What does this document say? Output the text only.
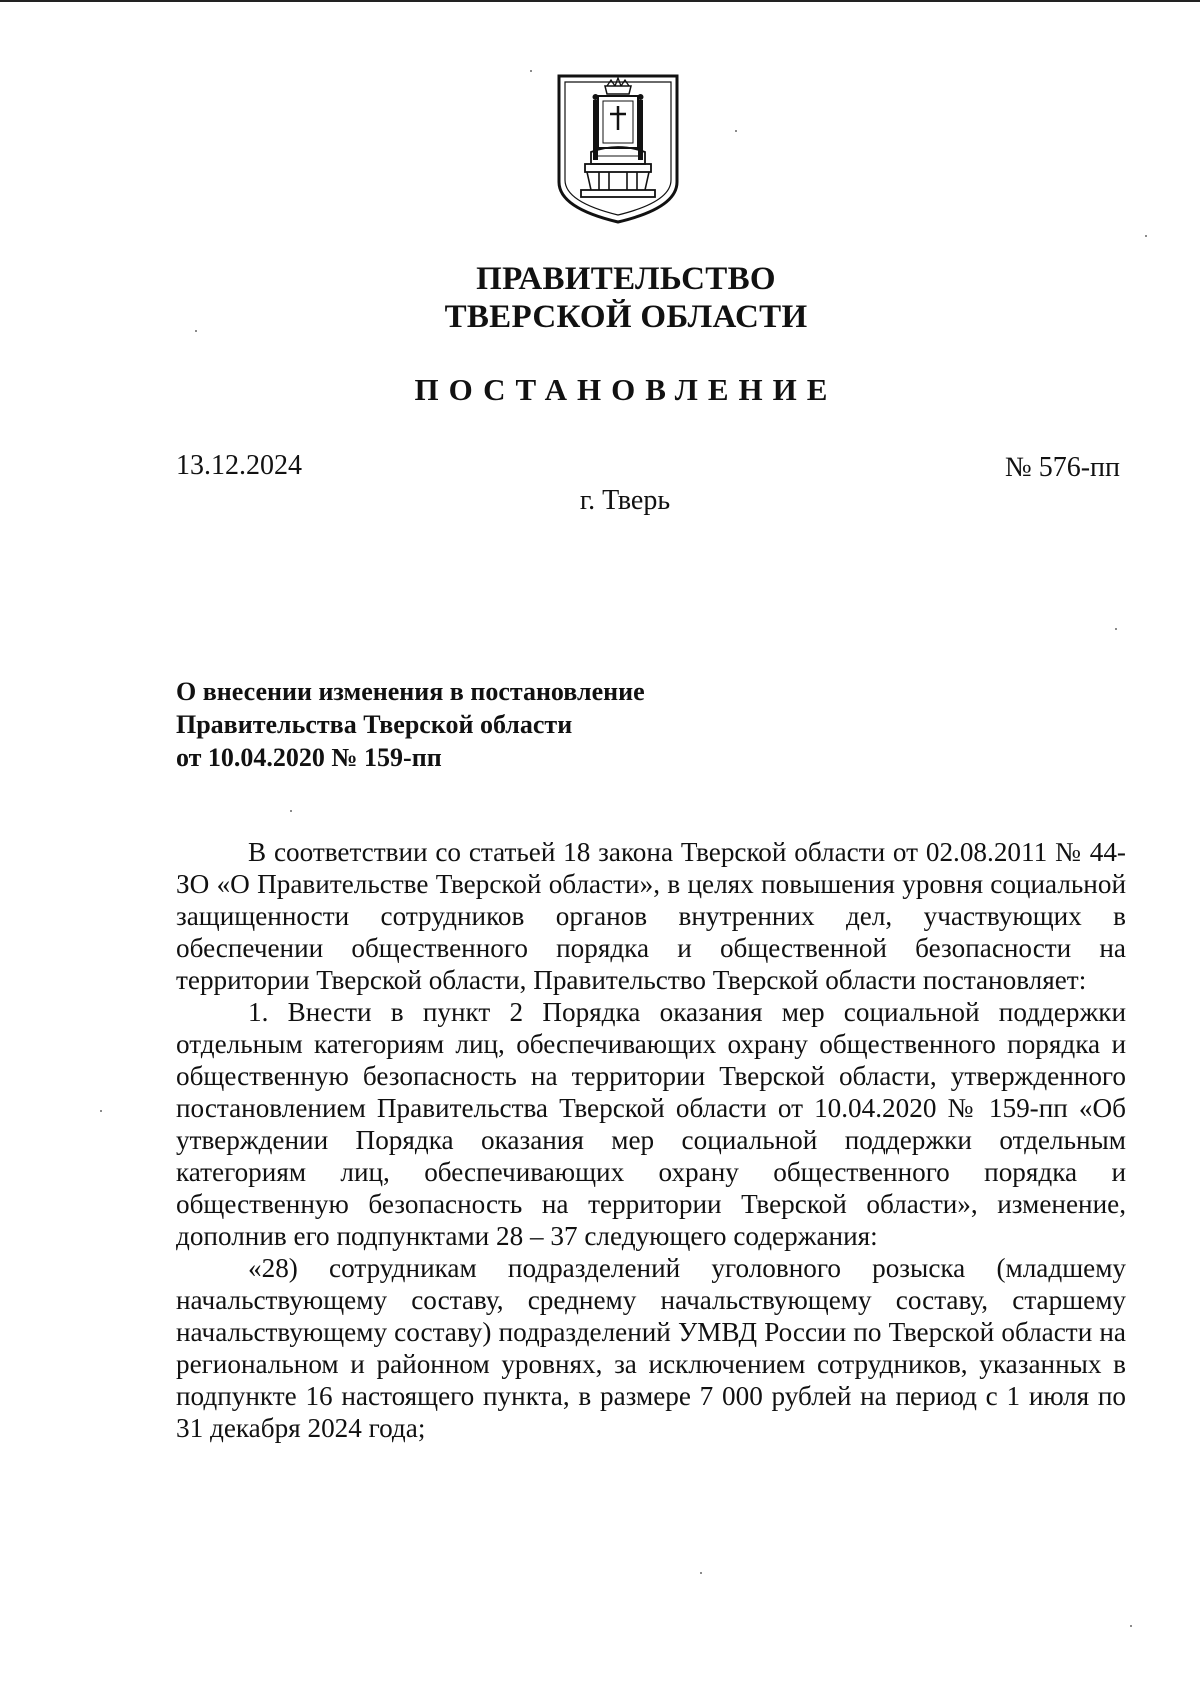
ПРАВИТЕЛЬСТВО
ТВЕРСКОЙ ОБЛАСТИ
ПОСТАНОВЛЕНИЕ
13.12.2024	№ 576-пп
г. Тверь
О внесении изменения в постановление
Правительства Тверской области
от 10.04.2020 № 159-пп

В соответствии со статьей 18 закона Тверской области от 02.08.2011 № 44-ЗО «О Правительстве Тверской области», в целях повышения уровня социальной защищенности сотрудников органов внутренних дел, участвующих в обеспечении общественного порядка и общественной безопасности на территории Тверской области, Правительство Тверской области постановляет:

1. Внести в пункт 2 Порядка оказания мер социальной поддержки отдельным категориям лиц, обеспечивающих охрану общественного порядка и общественную безопасность на территории Тверской области, утвержденного постановлением Правительства Тверской области от 10.04.2020 № 159-пп «Об утверждении Порядка оказания мер социальной поддержки отдельным категориям лиц, обеспечивающих охрану общественного порядка и общественную безопасность на территории Тверской области», изменение, дополнив его подпунктами 28 – 37 следующего содержания:

«28) сотрудникам подразделений уголовного розыска (младшему начальствующему составу, среднему начальствующему составу, старшему начальствующему составу) подразделений УМВД России по Тверской области на региональном и районном уровнях, за исключением сотрудников, указанных в подпункте 16 настоящего пункта, в размере 7 000 рублей на период с 1 июля по 31 декабря 2024 года;
